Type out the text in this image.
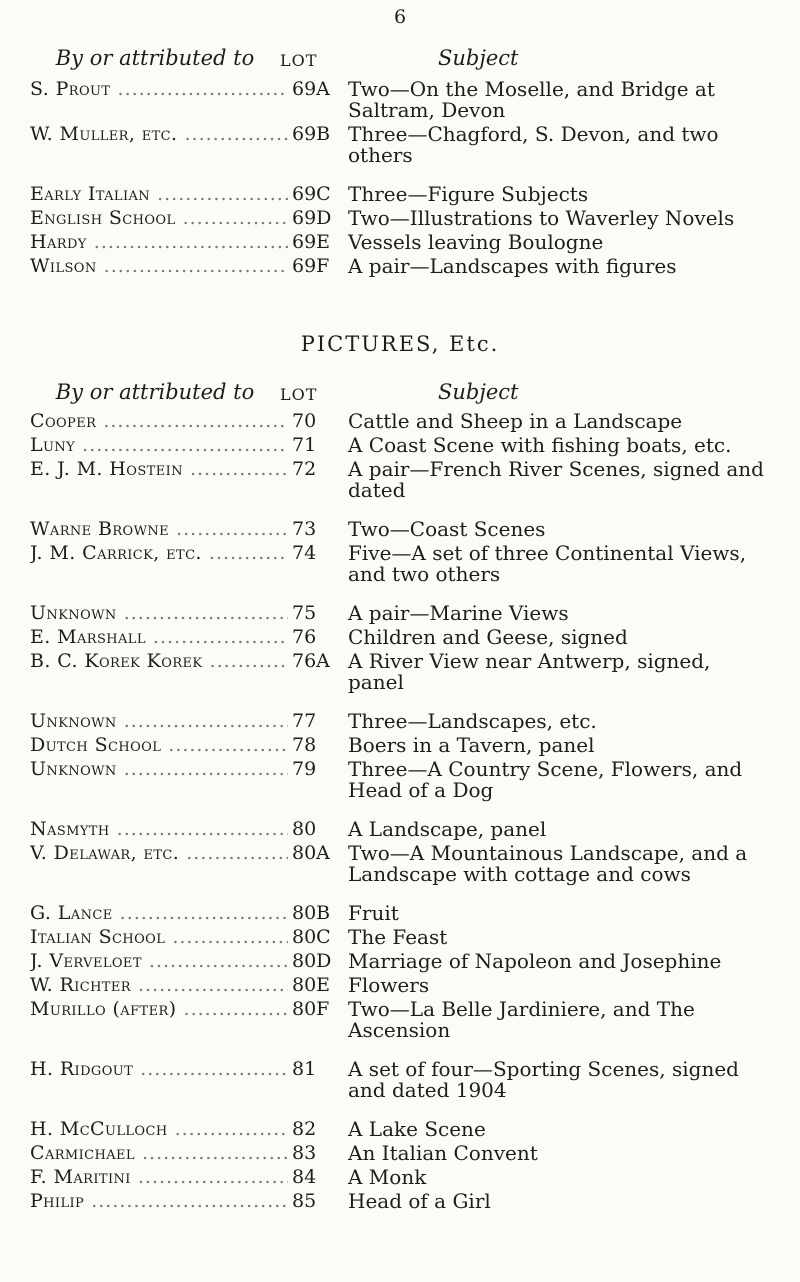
6
By or attributed to	LOT	Subject
S. Prout .....	69A Two—On the Moselle, and Bridge at Saltram, Devon
W. Muller, etc. .....	69B Three—Chagford, S. Devon, and two others
Early Italian .....	69C Three—Figure Subjects
English School .....	69D Two—Illustrations to Waverley Novels
Hardy .....	69E Vessels leaving Boulogne
Wilson .....	69F A pair—Landscapes with figures
PICTURES, Etc.
By or attributed to	LOT	Subject
Cooper .....	70	Cattle and Sheep in a Landscape
Luny .....	71	A Coast Scene with fishing boats, etc.
E. J. M. Hostein .....	72	A pair—French River Scenes, signed and dated
Warne Browne .....	73	Two—Coast Scenes
J. M. Carrick, etc. .....	74	Five—A set of three Continental Views, and two others
Unknown .....	75	A pair—Marine Views
E. Marshall .....	76	Children and Geese, signed
B. C. Korek Korek .....	76A A River View near Antwerp, signed, panel
Unknown .....	77	Three—Landscapes, etc.
Dutch School .....	78	Boers in a Tavern, panel
Unknown .....	79	Three—A Country Scene, Flowers, and Head of a Dog
Nasmyth .....	80	A Landscape, panel
V. Delawar, etc. .....	80A Two—A Mountainous Landscape, and a Landscape with cottage and cows
G. Lance .....	80B Fruit
Italian School .....	80C The Feast
J. Verveloet .....	80D Marriage of Napoleon and Josephine
W. Richter .....	80E Flowers
Murillo (after) .....	80F Two—La Belle Jardiniere, and The Ascension
H. Ridgout .....	81	A set of four—Sporting Scenes, signed and dated 1904
H. McCulloch .....	82	A Lake Scene
Carmichael .....	83	An Italian Convent
F. Maritini .....	84	A Monk
Philip .....	85	Head of a Girl
